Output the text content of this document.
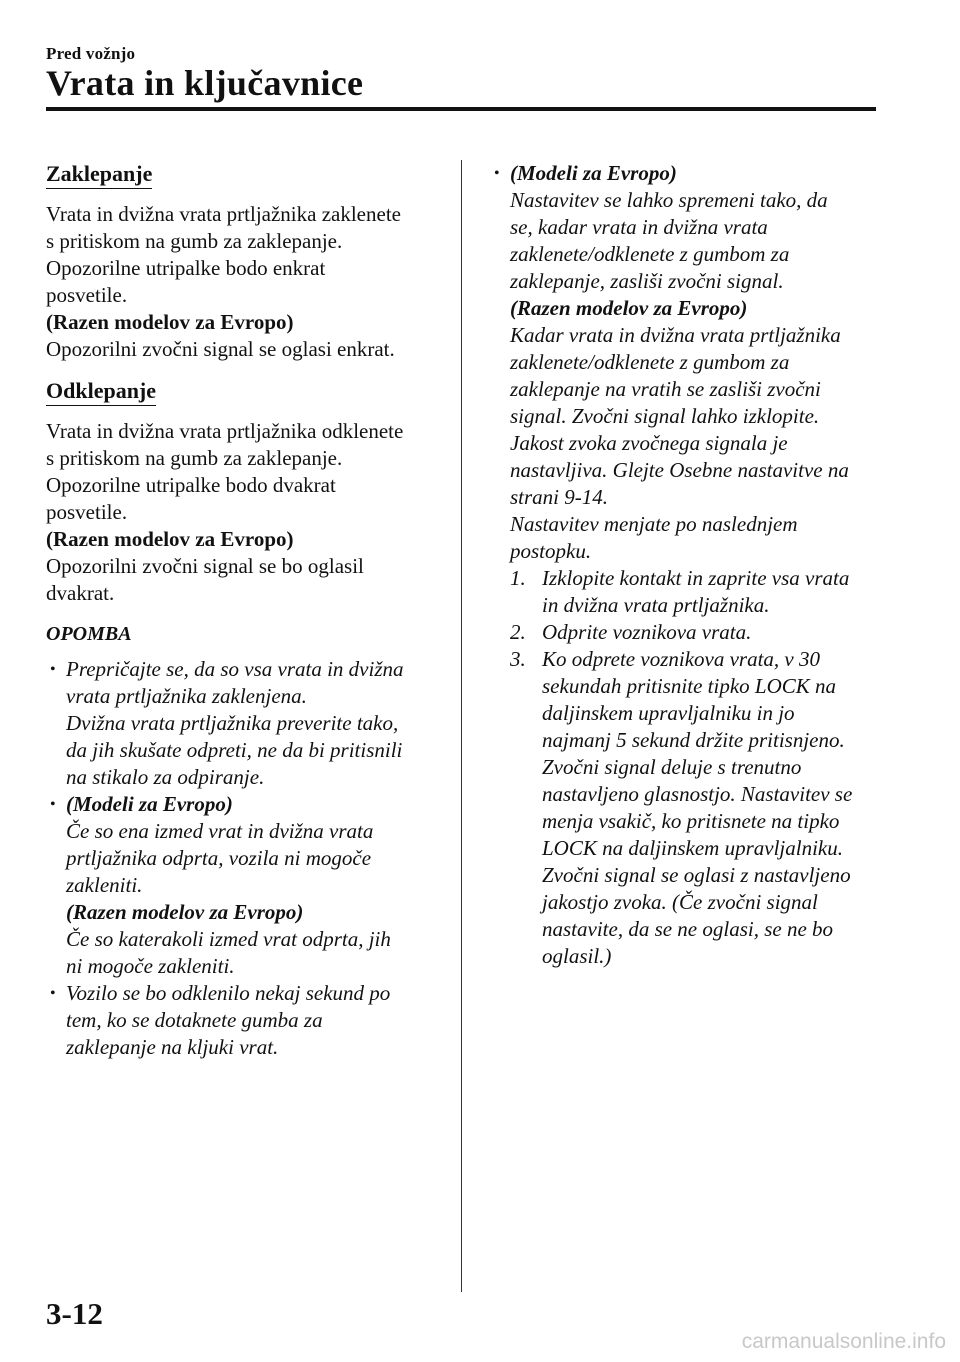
Pred vožnjo
Vrata in ključavnice
Zaklepanje

Vrata in dvižna vrata prtljažnika zaklenete

s pritiskom na gumb za zaklepanje.

Opozorilne utripalke bodo enkrat

posvetile.

(Razen modelov za Evropo)

Opozorilni zvočni signal se oglasi enkrat.

Odklepanje

Vrata in dvižna vrata prtljažnika odklenete

s pritiskom na gumb za zaklepanje.

Opozorilne utripalke bodo dvakrat

posvetile.

(Razen modelov za Evropo)

Opozorilni zvočni signal se bo oglasil

dvakrat.

OPOMBA
• Prepričajte se, da so vsa vrata in dvižna

vrata prtljažnika zaklenjena.

Dvižna vrata prtljažnika preverite tako,

da jih skušate odpreti, ne da bi pritisnili

na stikalo za odpiranje.

• (Modeli za Evropo)

Če so ena izmed vrat in dvižna vrata

prtljažnika odprta, vozila ni mogoče

zakleniti.

(Razen modelov za Evropo)

Če so katerakoli izmed vrat odprta, jih

ni mogoče zakleniti.

• Vozilo se bo odklenilo nekaj sekund po

tem, ko se dotaknete gumba za

zaklepanje na kljuki vrat.

• (Modeli za Evropo)

Nastavitev se lahko spremeni tako, da

se, kadar vrata in dvižna vrata

zaklenete/odklenete z gumbom za

zaklepanje, zasliši zvočni signal.

(Razen modelov za Evropo)

Kadar vrata in dvižna vrata prtljažnika

zaklenete/odklenete z gumbom za

zaklepanje na vratih se zasliši zvočni

signal. Zvočni signal lahko izklopite.

Jakost zvoka zvočnega signala je

nastavljiva. Glejte Osebne nastavitve na

strani 9-14.

Nastavitev menjate po naslednjem

postopku.

1. Izklopite kontakt in zaprite vsa vrata

in dvižna vrata prtljažnika.

2. Odprite voznikova vrata.

3. Ko odprete voznikova vrata, v 30

sekundah pritisnite tipko LOCK na

daljinskem upravljalniku in jo

najmanj 5 sekund držite pritisnjeno.

Zvočni signal deluje s trenutno

nastavljeno glasnostjo. Nastavitev se

menja vsakič, ko pritisnete na tipko

LOCK na daljinskem upravljalniku.

Zvočni signal se oglasi z nastavljeno

jakostjo zvoka. (Če zvočni signal

nastavite, da se ne oglasi, se ne bo

oglasil.)

3-12
carmanualsonline.info
